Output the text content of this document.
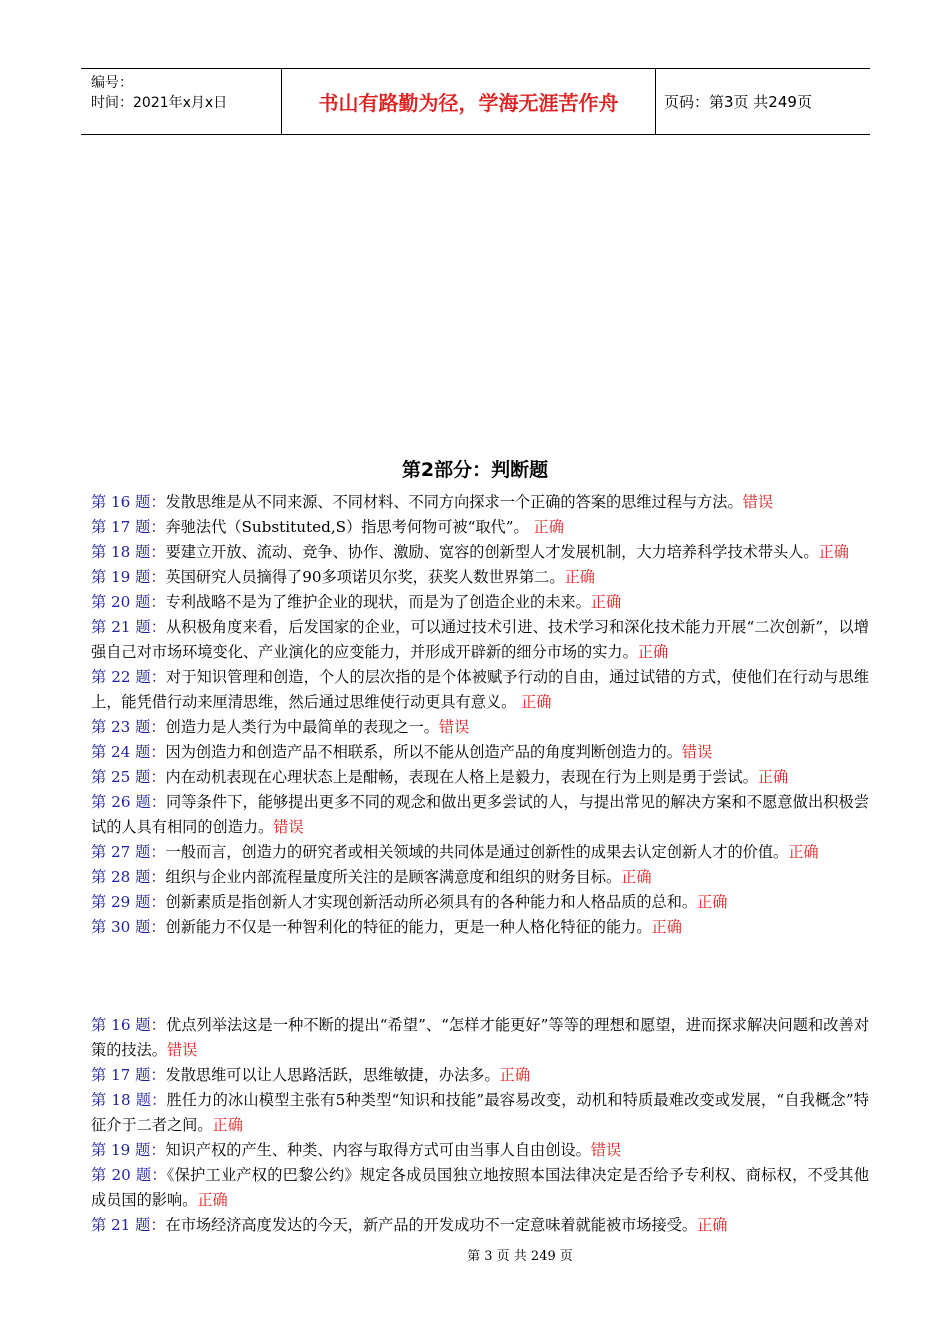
编号：
时间：2021年x月x日	书山有路勤为径，学海无涯苦作舟	页码：第3页 共249页
第2部分：判断题

第 16 题：发散思维是从不同来源、不同材料、不同方向探求一个正确的答案的思维过程与方法。错误

第 17 题：奔驰法代（Substituted,S）指思考何物可被“取代”。 正确

第 18 题：要建立开放、流动、竞争、协作、激励、宽容的创新型人才发展机制，大力培养科学技术带头人。正确

第 19 题：英国研究人员摘得了90多项诺贝尔奖，获奖人数世界第二。正确

第 20 题：专利战略不是为了维护企业的现状，而是为了创造企业的未来。正确

第 21 题：从积极角度来看，后发国家的企业，可以通过技术引进、技术学习和深化技术能力开展“二次创新”，以增强自己对市场环境变化、产业演化的应变能力，并形成开辟新的细分市场的实力。正确

第 22 题：对于知识管理和创造，个人的层次指的是个体被赋予行动的自由，通过试错的方式，使他们在行动与思维上，能凭借行动来厘清思维，然后通过思维使行动更具有意义。 正确

第 23 题：创造力是人类行为中最简单的表现之一。错误

第 24 题：因为创造力和创造产品不相联系，所以不能从创造产品的角度判断创造力的。错误

第 25 题：内在动机表现在心理状态上是酣畅，表现在人格上是毅力，表现在行为上则是勇于尝试。正确

第 26 题：同等条件下，能够提出更多不同的观念和做出更多尝试的人，与提出常见的解决方案和不愿意做出积极尝试的人具有相同的创造力。错误

第 27 题：一般而言，创造力的研究者或相关领域的共同体是通过创新性的成果去认定创新人才的价值。正确

第 28 题：组织与企业内部流程量度所关注的是顾客满意度和组织的财务目标。正确

第 29 题：创新素质是指创新人才实现创新活动所必须具有的各种能力和人格品质的总和。正确

第 30 题：创新能力不仅是一种智利化的特征的能力，更是一种人格化特征的能力。正确

第 16 题：优点列举法这是一种不断的提出“希望”、“怎样才能更好”等等的理想和愿望，进而探求解决问题和改善对策的技法。错误

第 17 题：发散思维可以让人思路活跃，思维敏捷，办法多。正确

第 18 题：胜任力的冰山模型主张有5种类型“知识和技能”最容易改变，动机和特质最难改变或发展，“自我概念”特征介于二者之间。正确

第 19 题：知识产权的产生、种类、内容与取得方式可由当事人自由创设。错误

第 20 题：《保护工业产权的巴黎公约》规定各成员国独立地按照本国法律决定是否给予专利权、商标权，不受其他成员国的影响。正确

第 21 题：在市场经济高度发达的今天，新产品的开发成功不一定意味着就能被市场接受。正确

第 3 页 共 249 页
